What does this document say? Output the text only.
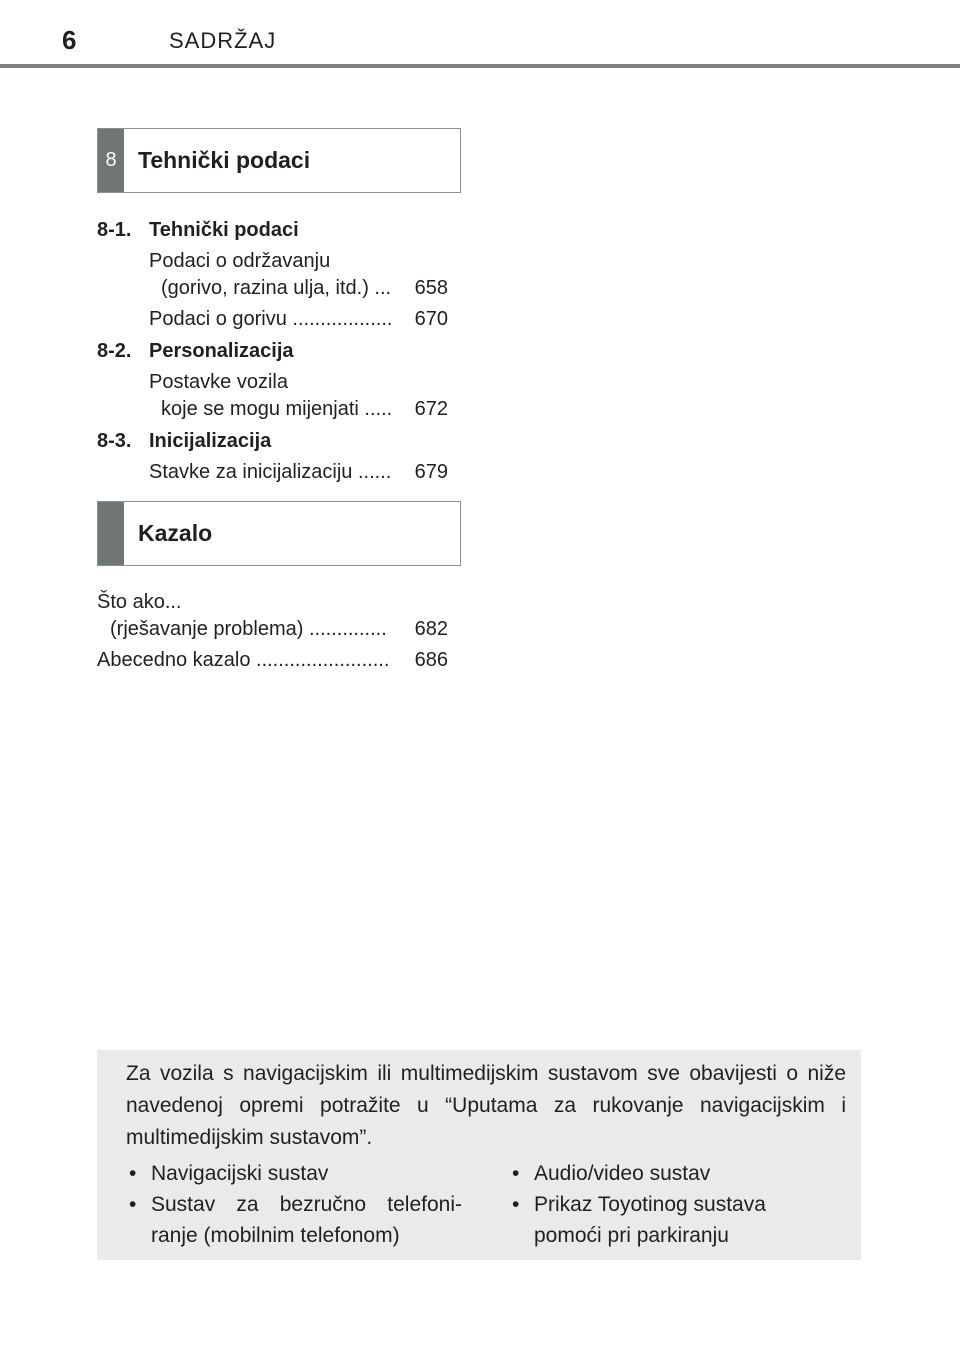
6	SADRŽAJ
8 Tehnički podaci
8-1. Tehnički podaci
Podaci o održavanju
(gorivo, razina ulja, itd.) ... 658
Podaci o gorivu .................. 670
8-2. Personalizacija
Postavke vozila
koje se mogu mijenjati ..... 672
8-3. Inicijalizacija
Stavke za inicijalizaciju ...... 679
Kazalo
Što ako...
(rješavanje problema) .............. 682
Abecedno kazalo ........................ 686
Za vozila s navigacijskim ili multimedijskim sustavom sve obavijesti o niže navedenoj opremi potražite u “Uputama za rukovanje navigacijskim i multimedijskim sustavom”.
• Navigacijski sustav
• Sustav za bezručno telefoni-
ranje (mobilnim telefonom)
• Audio/video sustav
• Prikaz Toyotinog sustava
pomoći pri parkiranju
